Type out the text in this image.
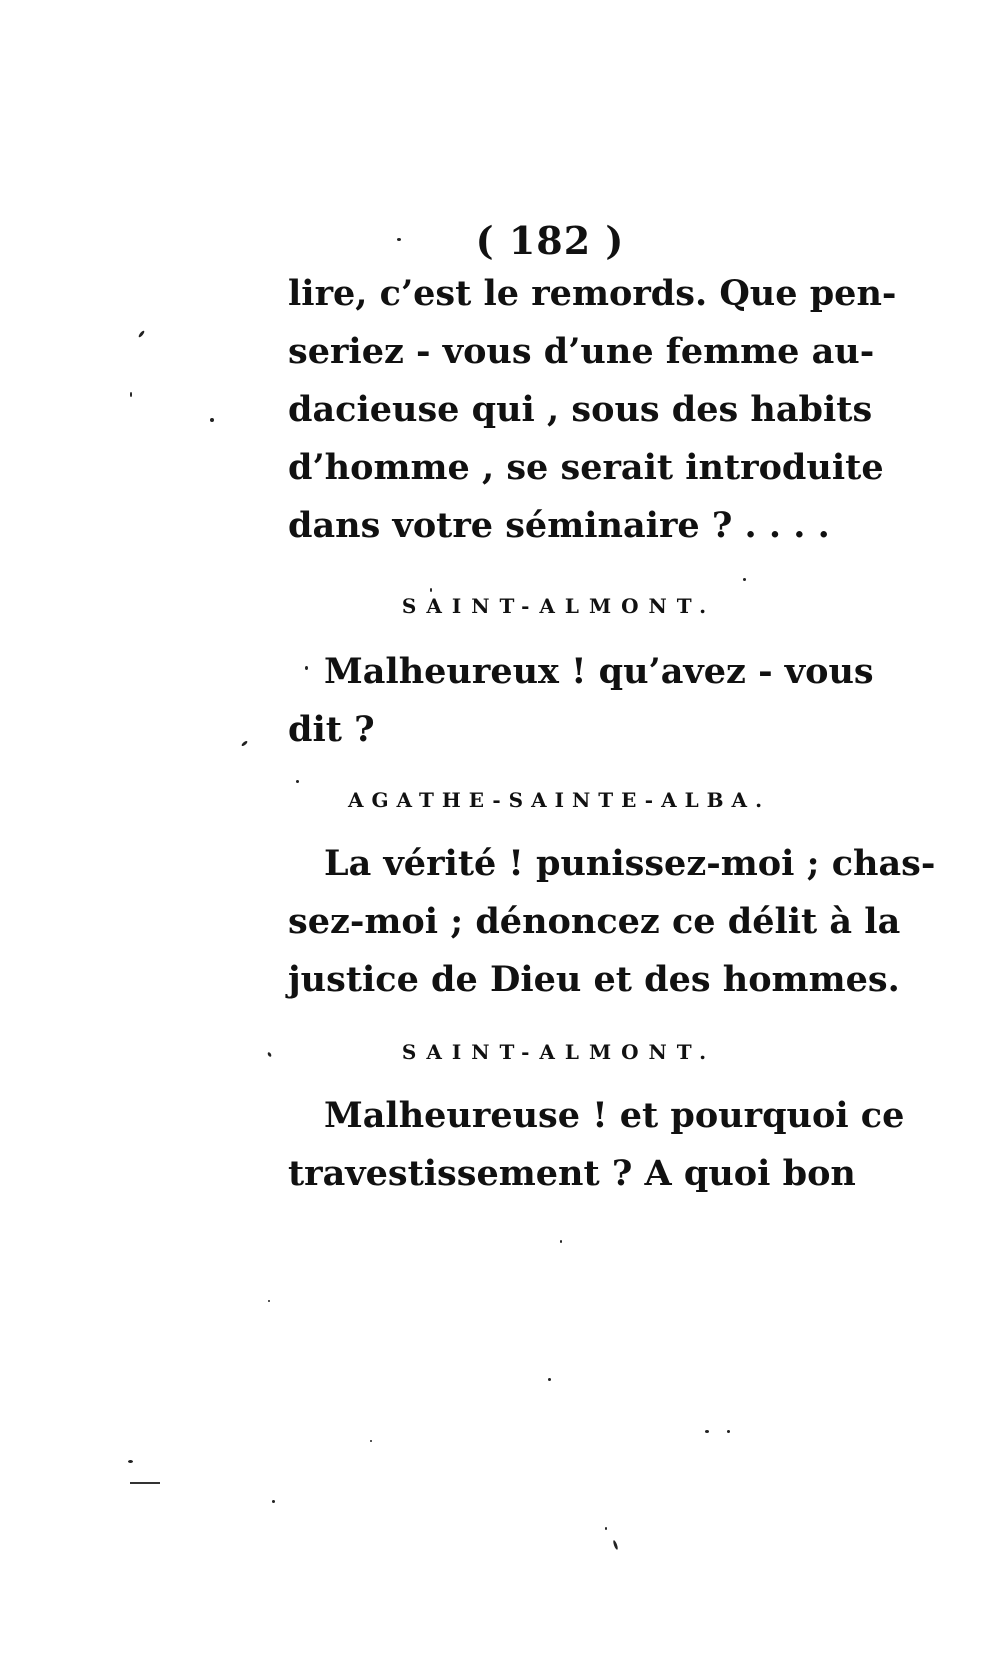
( 182 )
lire, c’est le remords. Que pen-
seriez - vous d’une femme au-
dacieuse qui , sous des habits
d’homme , se serait introduite
dans votre séminaire ? . . . .
SAINT-ALMONT.
Malheureux ! qu’avez - vous
dit ?
AGATHE-SAINTE-ALBA.
La vérité ! punissez-moi ; chas-
sez-moi ; dénoncez ce délit à la
justice de Dieu et des hommes.
SAINT-ALMONT.
Malheureuse ! et pourquoi ce
travestissement ? A quoi bon
